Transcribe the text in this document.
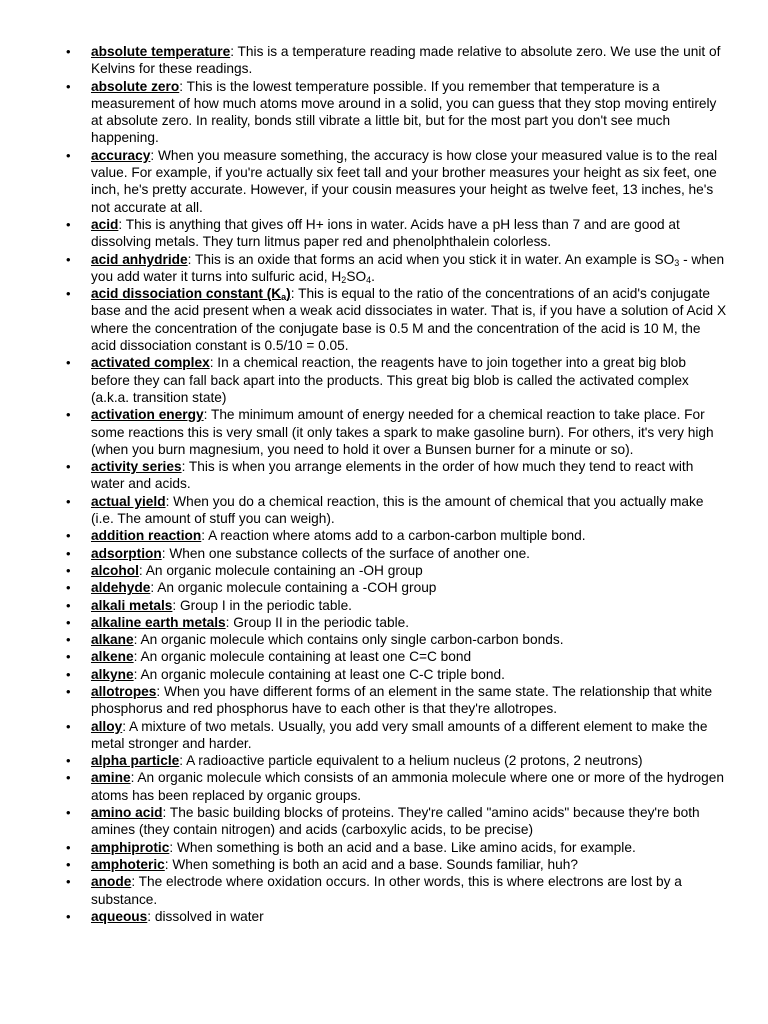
• absolute temperature: This is a temperature reading made relative to absolute zero. We use the unit of Kelvins for these readings.
• absolute zero: This is the lowest temperature possible. If you remember that temperature is a measurement of how much atoms move around in a solid, you can guess that they stop moving entirely at absolute zero. In reality, bonds still vibrate a little bit, but for the most part you don't see much happening.
• accuracy: When you measure something, the accuracy is how close your measured value is to the real value. For example, if you're actually six feet tall and your brother measures your height as six feet, one inch, he's pretty accurate. However, if your cousin measures your height as twelve feet, 13 inches, he's not accurate at all.
• acid: This is anything that gives off H+ ions in water. Acids have a pH less than 7 and are good at dissolving metals. They turn litmus paper red and phenolphthalein colorless.
• acid anhydride: This is an oxide that forms an acid when you stick it in water. An example is $SO_3$ - when you add water it turns into sulfuric acid, $H_2SO_4$.
• acid dissociation constant $(K_a)$: This is equal to the ratio of the concentrations of an acid's conjugate base and the acid present when a weak acid dissociates in water. That is, if you have a solution of Acid X where the concentration of the conjugate base is 0.5 M and the concentration of the acid is 10 M, the acid dissociation constant is 0.5/10 = 0.05.
• activated complex: In a chemical reaction, the reagents have to join together into a great big blob before they can fall back apart into the products. This great big blob is called the activated complex (a.k.a. transition state)
• activation energy: The minimum amount of energy needed for a chemical reaction to take place. For some reactions this is very small (it only takes a spark to make gasoline burn). For others, it's very high (when you burn magnesium, you need to hold it over a Bunsen burner for a minute or so).
• activity series: This is when you arrange elements in the order of how much they tend to react with water and acids.
• actual yield: When you do a chemical reaction, this is the amount of chemical that you actually make (i.e. The amount of stuff you can weigh).
• addition reaction: A reaction where atoms add to a carbon-carbon multiple bond.
• adsorption: When one substance collects of the surface of another one.
• alcohol: An organic molecule containing an -OH group
• aldehyde: An organic molecule containing a -COH group
• alkali metals: Group I in the periodic table.
• alkaline earth metals: Group II in the periodic table.
• alkane: An organic molecule which contains only single carbon-carbon bonds.
• alkene: An organic molecule containing at least one C=C bond
• alkyne: An organic molecule containing at least one C-C triple bond.
• allotropes: When you have different forms of an element in the same state. The relationship that white phosphorus and red phosphorus have to each other is that they're allotropes.
• alloy: A mixture of two metals. Usually, you add very small amounts of a different element to make the metal stronger and harder.
• alpha particle: A radioactive particle equivalent to a helium nucleus (2 protons, 2 neutrons)
• amine: An organic molecule which consists of an ammonia molecule where one or more of the hydrogen atoms has been replaced by organic groups.
• amino acid: The basic building blocks of proteins. They're called "amino acids" because they're both amines (they contain nitrogen) and acids (carboxylic acids, to be precise)
• amphiprotic: When something is both an acid and a base. Like amino acids, for example.
• amphoteric: When something is both an acid and a base. Sounds familiar, huh?
• anode: The electrode where oxidation occurs. In other words, this is where electrons are lost by a substance.
• aqueous: dissolved in water
